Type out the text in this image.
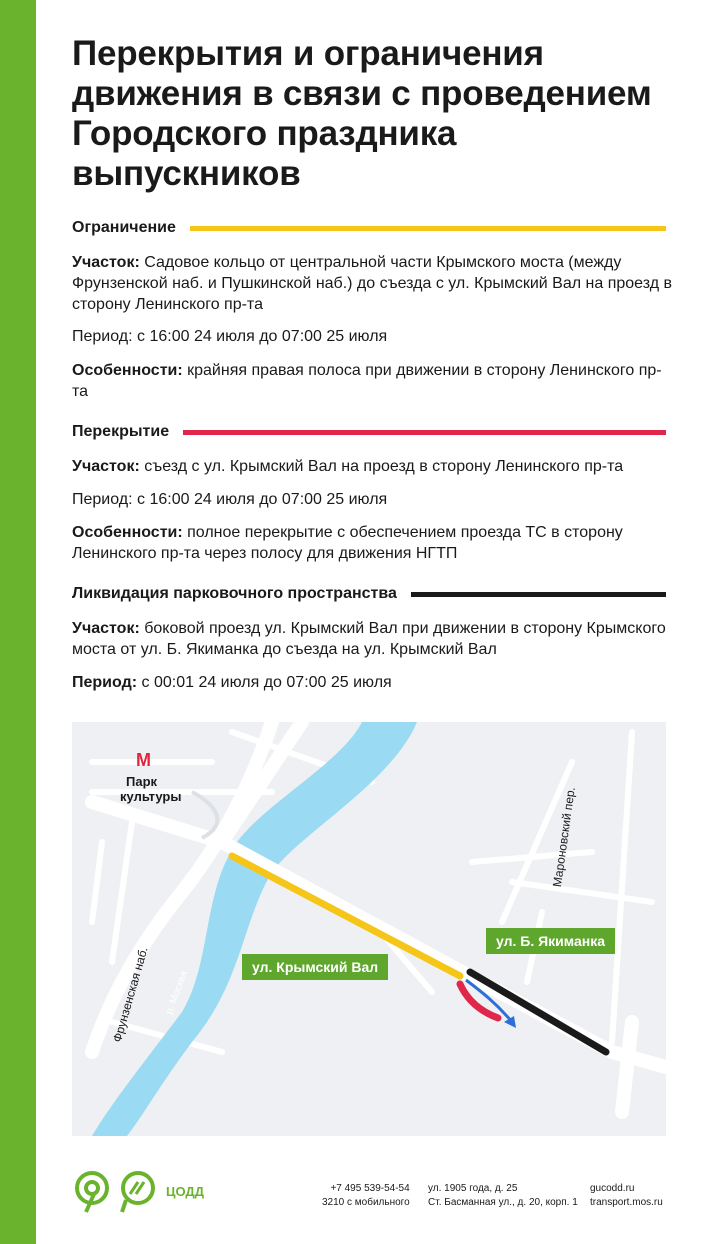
Перекрытия и ограничения движения в связи с проведением Городского праздника выпускников
Ограничение
Участок: Садовое кольцо от центральной части Крымского моста (между Фрунзенской наб. и Пушкинской наб.) до съезда с ул. Крымский Вал на проезд в сторону Ленинского пр-та
Период: с 16:00 24 июля до 07:00 25 июля
Особенности: крайняя правая полоса при движении в сторону Ленинского пр-та
Перекрытие
Участок: съезд с ул. Крымский Вал на проезд в сторону Ленинского пр-та
Период: с 16:00 24 июля до 07:00 25 июля
Особенности: полное перекрытие с обеспечением проезда ТС в сторону Ленинского пр-та через полосу для движения НГТП
Ликвидация парковочного пространства
Участок: боковой проезд ул. Крымский Вал при движении в сторону Крымского моста от ул. Б. Якиманка до съезда на ул. Крымский Вал
Период: с 00:01 24 июля до 07:00 25 июля
М
Парк
культуры
ул. Крымский Вал
ул. Б. Якиманка
Фрунзенская наб.
Мароновский пер.
р. Москва
ЦОДД	+7 495 539-54-54
3210 с мобильного
ул. 1905 года, д. 25
Ст. Басманная ул., д. 20, корп. 1
gucodd.ru
transport.mos.ru
